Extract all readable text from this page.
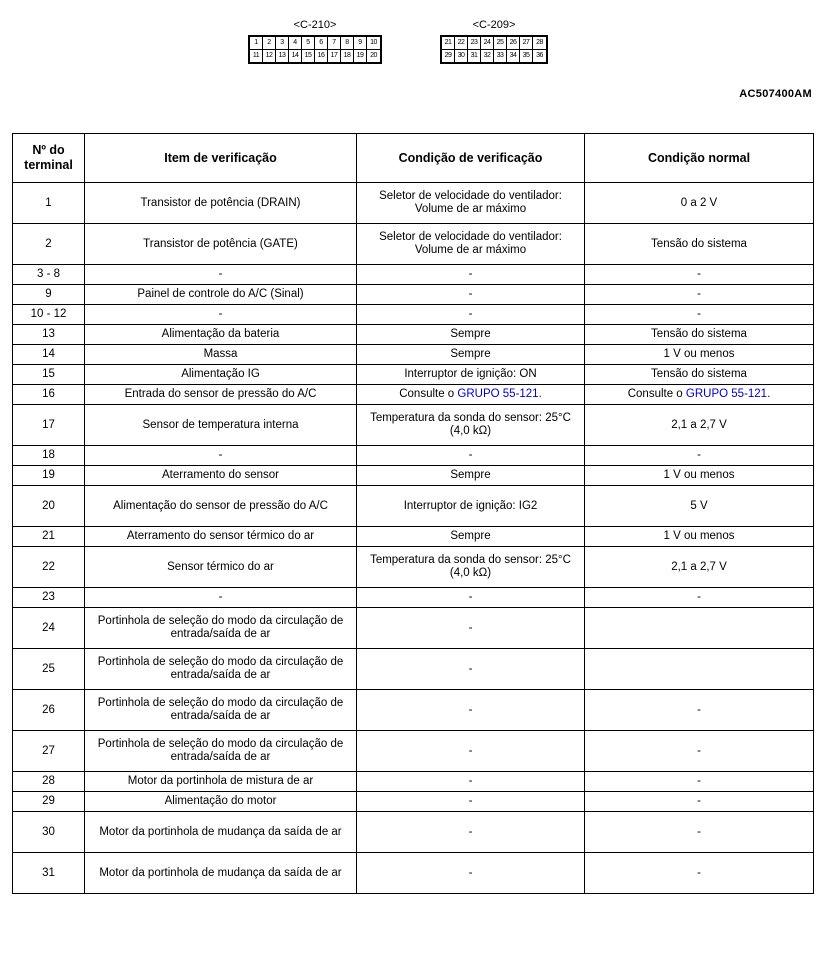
<C-210>
1	2	3	4	5	6	7	8	9	10
11 12 13 14 15 16 17 18 19 20
<C-209>
21 22 23 24 25 26 27 28
29 30 31 32 33 34 35 36
AC507400AM
Nº do terminal	Item de verificação	Condição de verificação	Condição normal
1	Transistor de potência (DRAIN)	Seletor de velocidade do ventilador: Volume de ar máximo	0 a 2 V
2	Transistor de potência (GATE)	Seletor de velocidade do ventilador: Volume de ar máximo	Tensão do sistema
3 - 8	-	-	-
9	Painel de controle do A/C (Sinal)	-	-
10 - 12	-	-	-
13	Alimentação da bateria	Sempre	Tensão do sistema
14	Massa	Sempre	1 V ou menos
15	Alimentação IG	Interruptor de ignição: ON	Tensão do sistema
16	Entrada do sensor de pressão do A/C	Consulte o GRUPO 55-121.	Consulte o GRUPO 55-121.
17	Sensor de temperatura interna	Temperatura da sonda do sensor: 25°C (4,0 kΩ)	2,1 a 2,7 V
18	-	-	-
19	Aterramento do sensor	Sempre	1 V ou menos
20	Alimentação do sensor de pressão do A/C	Interruptor de ignição: IG2	5 V
21	Aterramento do sensor térmico do ar	Sempre	1 V ou menos
22	Sensor térmico do ar	Temperatura da sonda do sensor: 25°C (4,0 kΩ)	2,1 a 2,7 V
23	-	-	-
24	Portinhola de seleção do modo da circulação de entrada/saída de ar	-	
25	Portinhola de seleção do modo da circulação de entrada/saída de ar	-	
26	Portinhola de seleção do modo da circulação de entrada/saída de ar	-	-
27	Portinhola de seleção do modo da circulação de entrada/saída de ar	-	-
28	Motor da portinhola de mistura de ar	-	-
29	Alimentação do motor	-	-
30	Motor da portinhola de mudança da saída de ar	-	-
31	Motor da portinhola de mudança da saída de ar	-	-
